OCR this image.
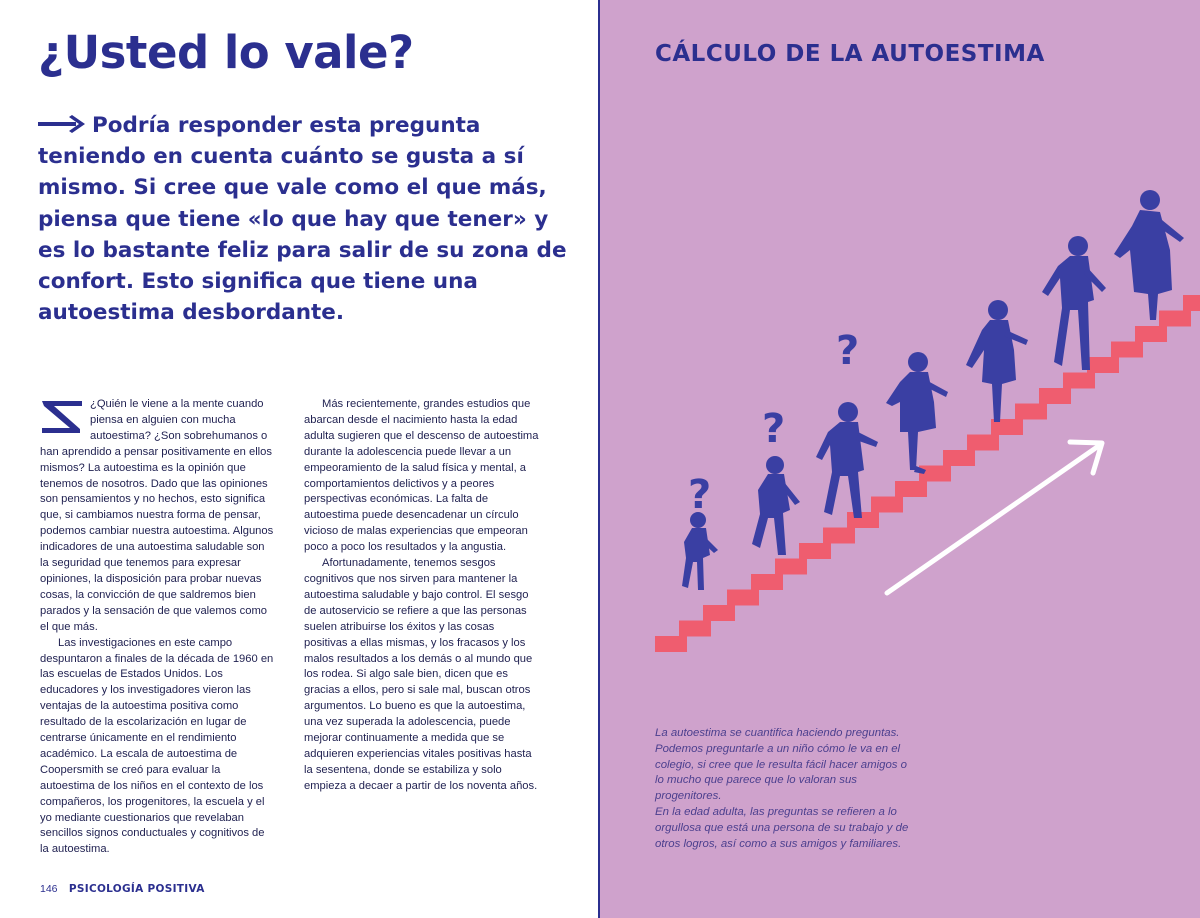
¿Usted lo vale?

Podría responder esta pregunta teniendo en cuenta cuánto se gusta a sí mismo. Si cree que vale como el que más, piensa que tiene «lo que hay que tener» y es lo bastante feliz para salir de su zona de confort. Esto significa que tiene una autoestima desbordante.

¿Quién le viene a la mente cuando piensa en alguien con mucha autoestima? ¿Son sobrehumanos o han aprendido a pensar positivamente en ellos mismos? La autoestima es la opinión que tenemos de nosotros. Dado que las opiniones son pensamientos y no hechos, esto significa que, si cambiamos nuestra forma de pensar, podemos cambiar nuestra autoestima. Algunos indicadores de una autoestima saludable son la seguridad que tenemos para expresar opiniones, la disposición para probar nuevas cosas, la convicción de que saldremos bien parados y la sensación de que valemos como el que más.

Las investigaciones en este campo despuntaron a finales de la década de 1960 en las escuelas de Estados Unidos. Los educadores y los investigadores vieron las ventajas de la autoestima positiva como resultado de la escolarización en lugar de centrarse únicamente en el rendimiento académico. La escala de autoestima de Coopersmith se creó para evaluar la autoestima de los niños en el contexto de los compañeros, los progenitores, la escuela y el yo mediante cuestionarios que revelaban sencillos signos conductuales y cognitivos de la autoestima.

Más recientemente, grandes estudios que abarcan desde el nacimiento hasta la edad adulta sugieren que el descenso de autoestima durante la adolescencia puede llevar a un empeoramiento de la salud física y mental, a comportamientos delictivos y a peores perspectivas económicas. La falta de autoestima puede desencadenar un círculo vicioso de malas experiencias que empeoran poco a poco los resultados y la angustia.

Afortunadamente, tenemos sesgos cognitivos que nos sirven para mantener la autoestima saludable y bajo control. El sesgo de autoservicio se refiere a que las personas suelen atribuirse los éxitos y las cosas positivas a ellas mismas, y los fracasos y los malos resultados a los demás o al mundo que los rodea. Si algo sale bien, dicen que es gracias a ellos, pero si sale mal, buscan otros argumentos. Lo bueno es que la autoestima, una vez superada la adolescencia, puede mejorar continuamente a medida que se adquieren experiencias vitales positivas hasta la sesentena, donde se estabiliza y solo empieza a decaer a partir de los noventa años.

146 PSICOLOGÍA POSITIVA
CÁLCULO DE LA AUTOESTIMA
?
?
?

La autoestima se cuantifica haciendo preguntas. Podemos preguntarle a un niño cómo le va en el colegio, si cree que le resulta fácil hacer amigos o lo mucho que parece que lo valoran sus progenitores.

En la edad adulta, las preguntas se refieren a lo orgullosa que está una persona de su trabajo y de otros logros, así como a sus amigos y familiares.
